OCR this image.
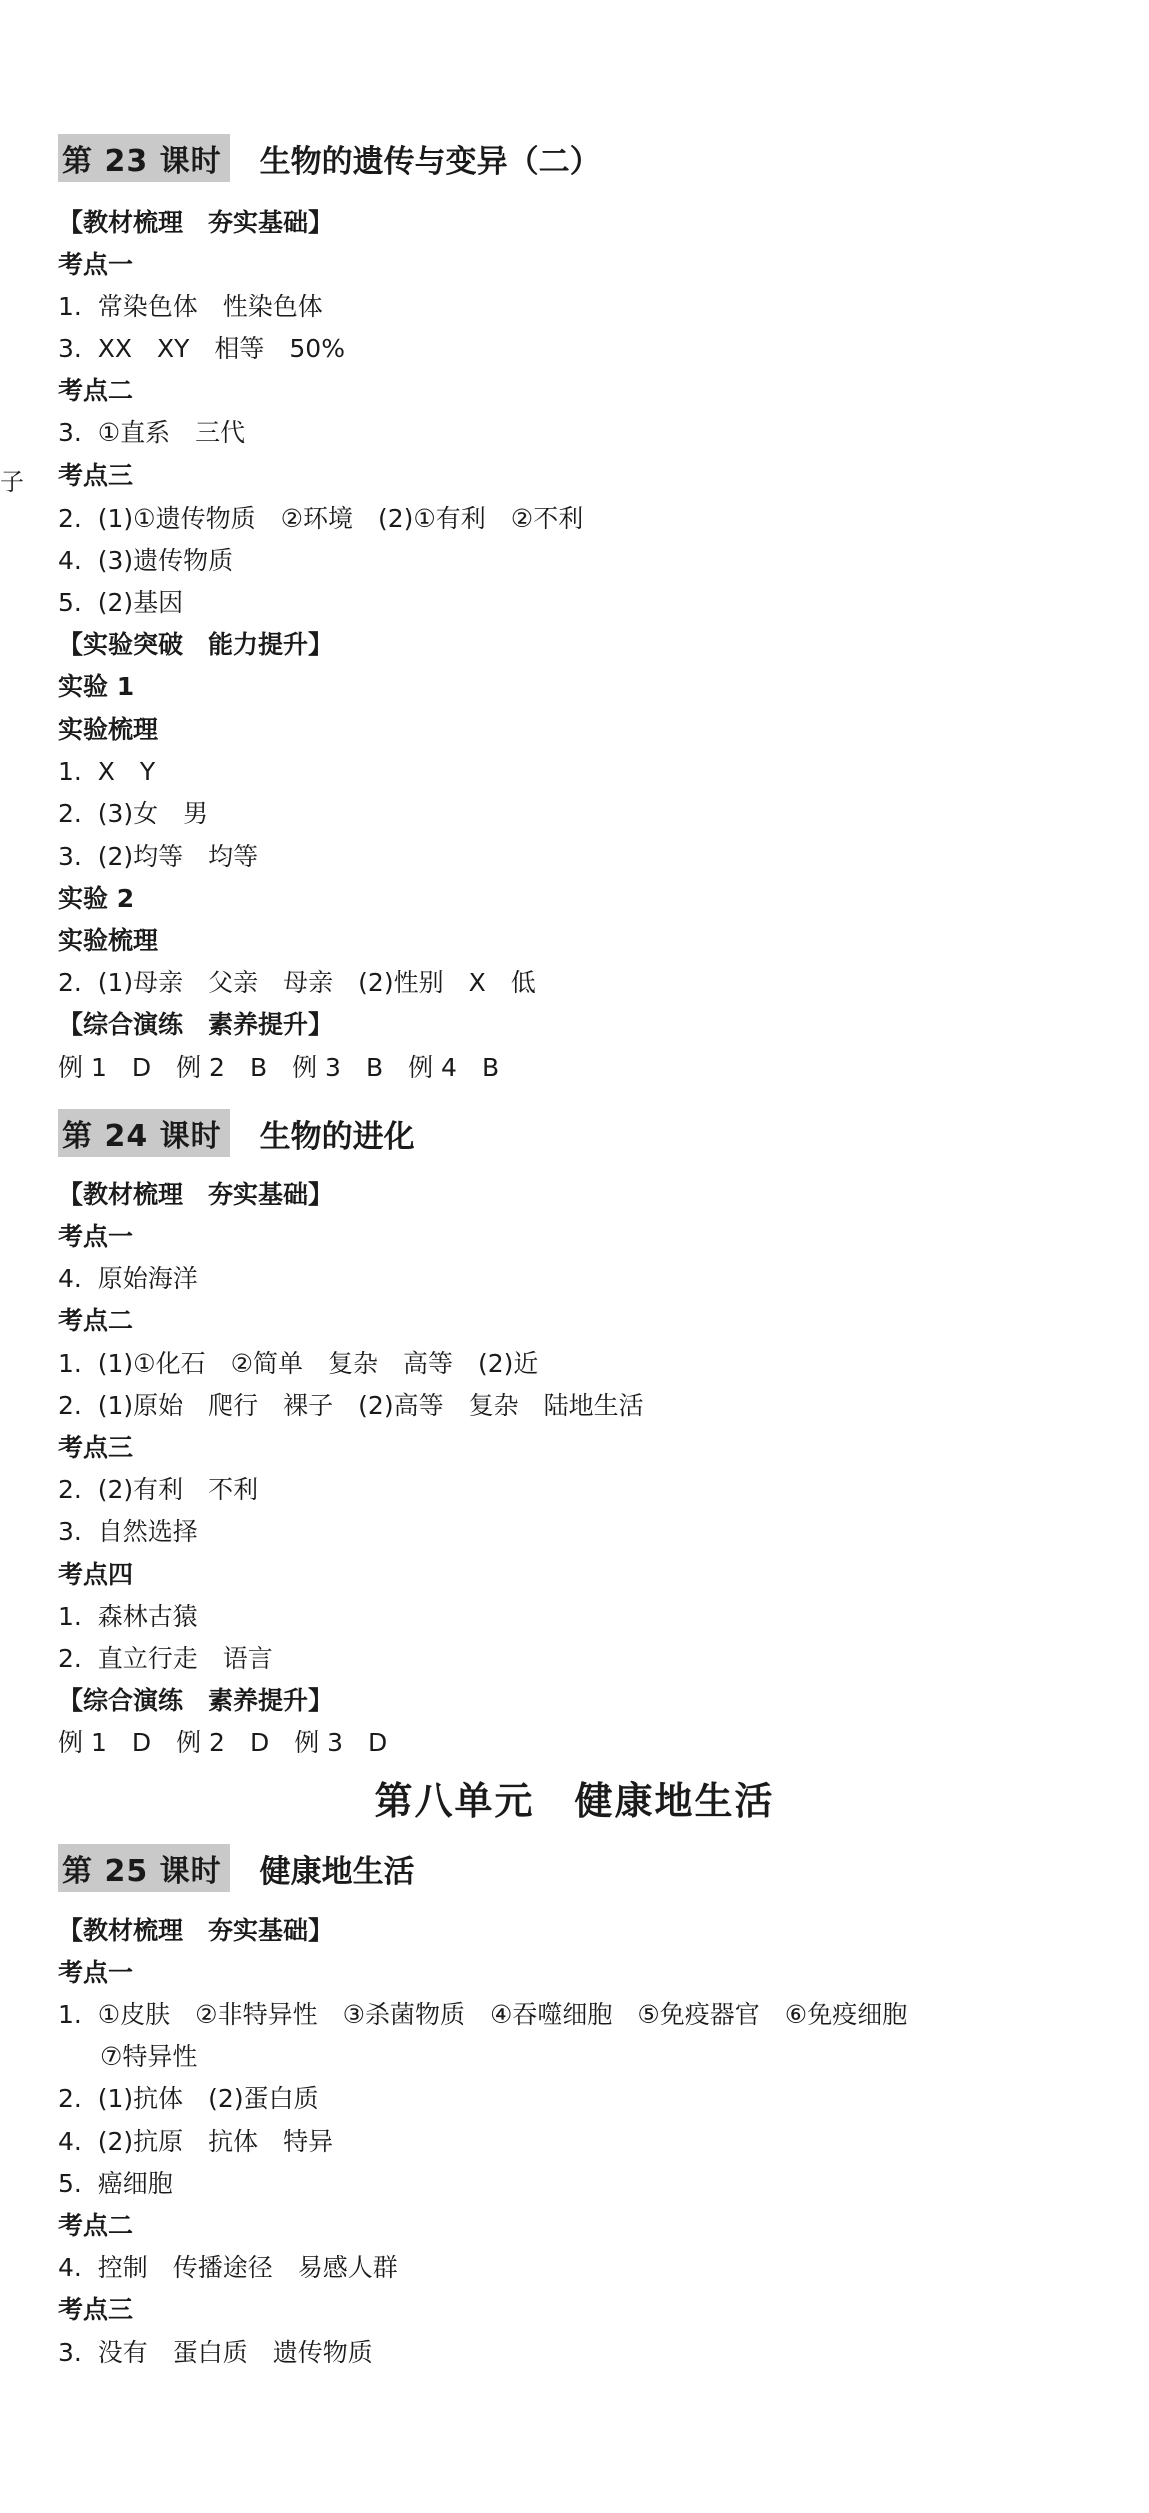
子
第 23 课时 生物的遗传与变异（二）
【教材梳理　夯实基础】
考点一
1.  常染色体　性染色体
3.  XX　XY　相等　50%
考点二
3.  ①直系　三代
考点三
2.  (1)①遗传物质　②环境　(2)①有利　②不利
4.  (3)遗传物质
5.  (2)基因
【实验突破　能力提升】
实验 1
实验梳理
1.  X　Y
2.  (3)女　男
3.  (2)均等　均等
实验 2
实验梳理
2.  (1)母亲　父亲　母亲　(2)性别　X　低
【综合演练　素养提升】
例 1　D　例 2　B　例 3　B　例 4　B
第 24 课时 生物的进化
【教材梳理　夯实基础】
考点一
4.  原始海洋
考点二
1.  (1)①化石　②简单　复杂　高等　(2)近
2.  (1)原始　爬行　裸子　(2)高等　复杂　陆地生活
考点三
2.  (2)有利　不利
3.  自然选择
考点四
1.  森林古猿
2.  直立行走　语言
【综合演练　素养提升】
例 1　D　例 2　D　例 3　D
第八单元　健康地生活
第 25 课时 健康地生活
【教材梳理　夯实基础】
考点一
1.  ①皮肤　②非特异性　③杀菌物质　④吞噬细胞　⑤免疫器官　⑥免疫细胞
⑦特异性
2.  (1)抗体　(2)蛋白质
4.  (2)抗原　抗体　特异
5.  癌细胞
考点二
4.  控制　传播途径　易感人群
考点三
3.  没有　蛋白质　遗传物质
